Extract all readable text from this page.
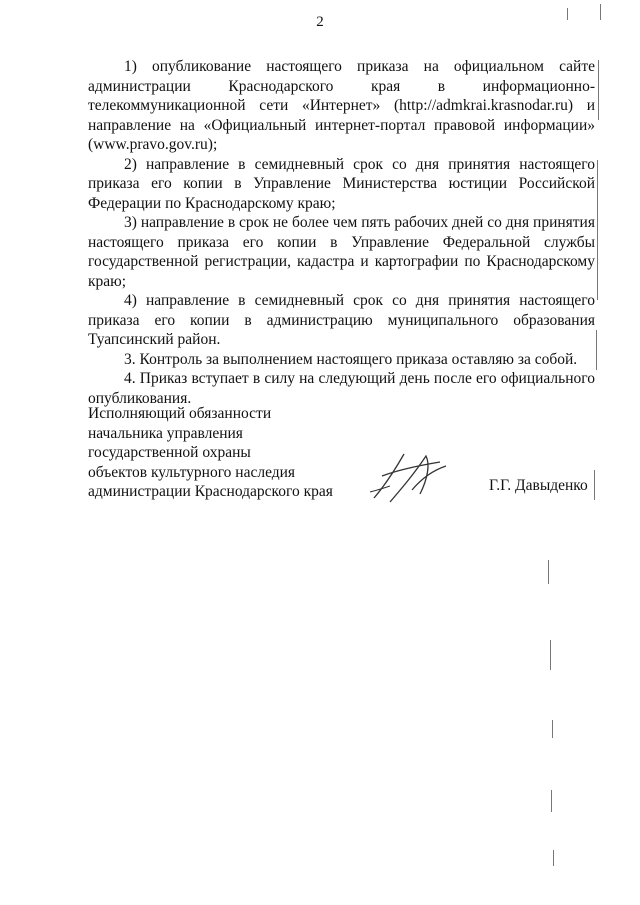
2

1) опубликование настоящего приказа на официальном сайте администрации Краснодарского края в информационно-телекоммуникационной сети «Интернет» (http://admkrai.krasnodar.ru) и направление на «Официальный интернет-портал правовой информации» (www.pravo.gov.ru);

2) направление в семидневный срок со дня принятия настоящего приказа его копии в Управление Министерства юстиции Российской Федерации по Краснодарскому краю;

3) направление в срок не более чем пять рабочих дней со дня принятия настоящего приказа его копии в Управление Федеральной службы государственной регистрации, кадастра и картографии по Краснодарскому краю;

4) направление в семидневный срок со дня принятия настоящего приказа его копии в администрацию муниципального образования Туапсинский район.

3. Контроль за выполнением настоящего приказа оставляю за собой.

4. Приказ вступает в силу на следующий день после его официального опубликования.

Исполняющий обязанности
начальника управления
государственной охраны
объектов культурного наследия
администрации Краснодарского края	Г.Г. Давыденко
